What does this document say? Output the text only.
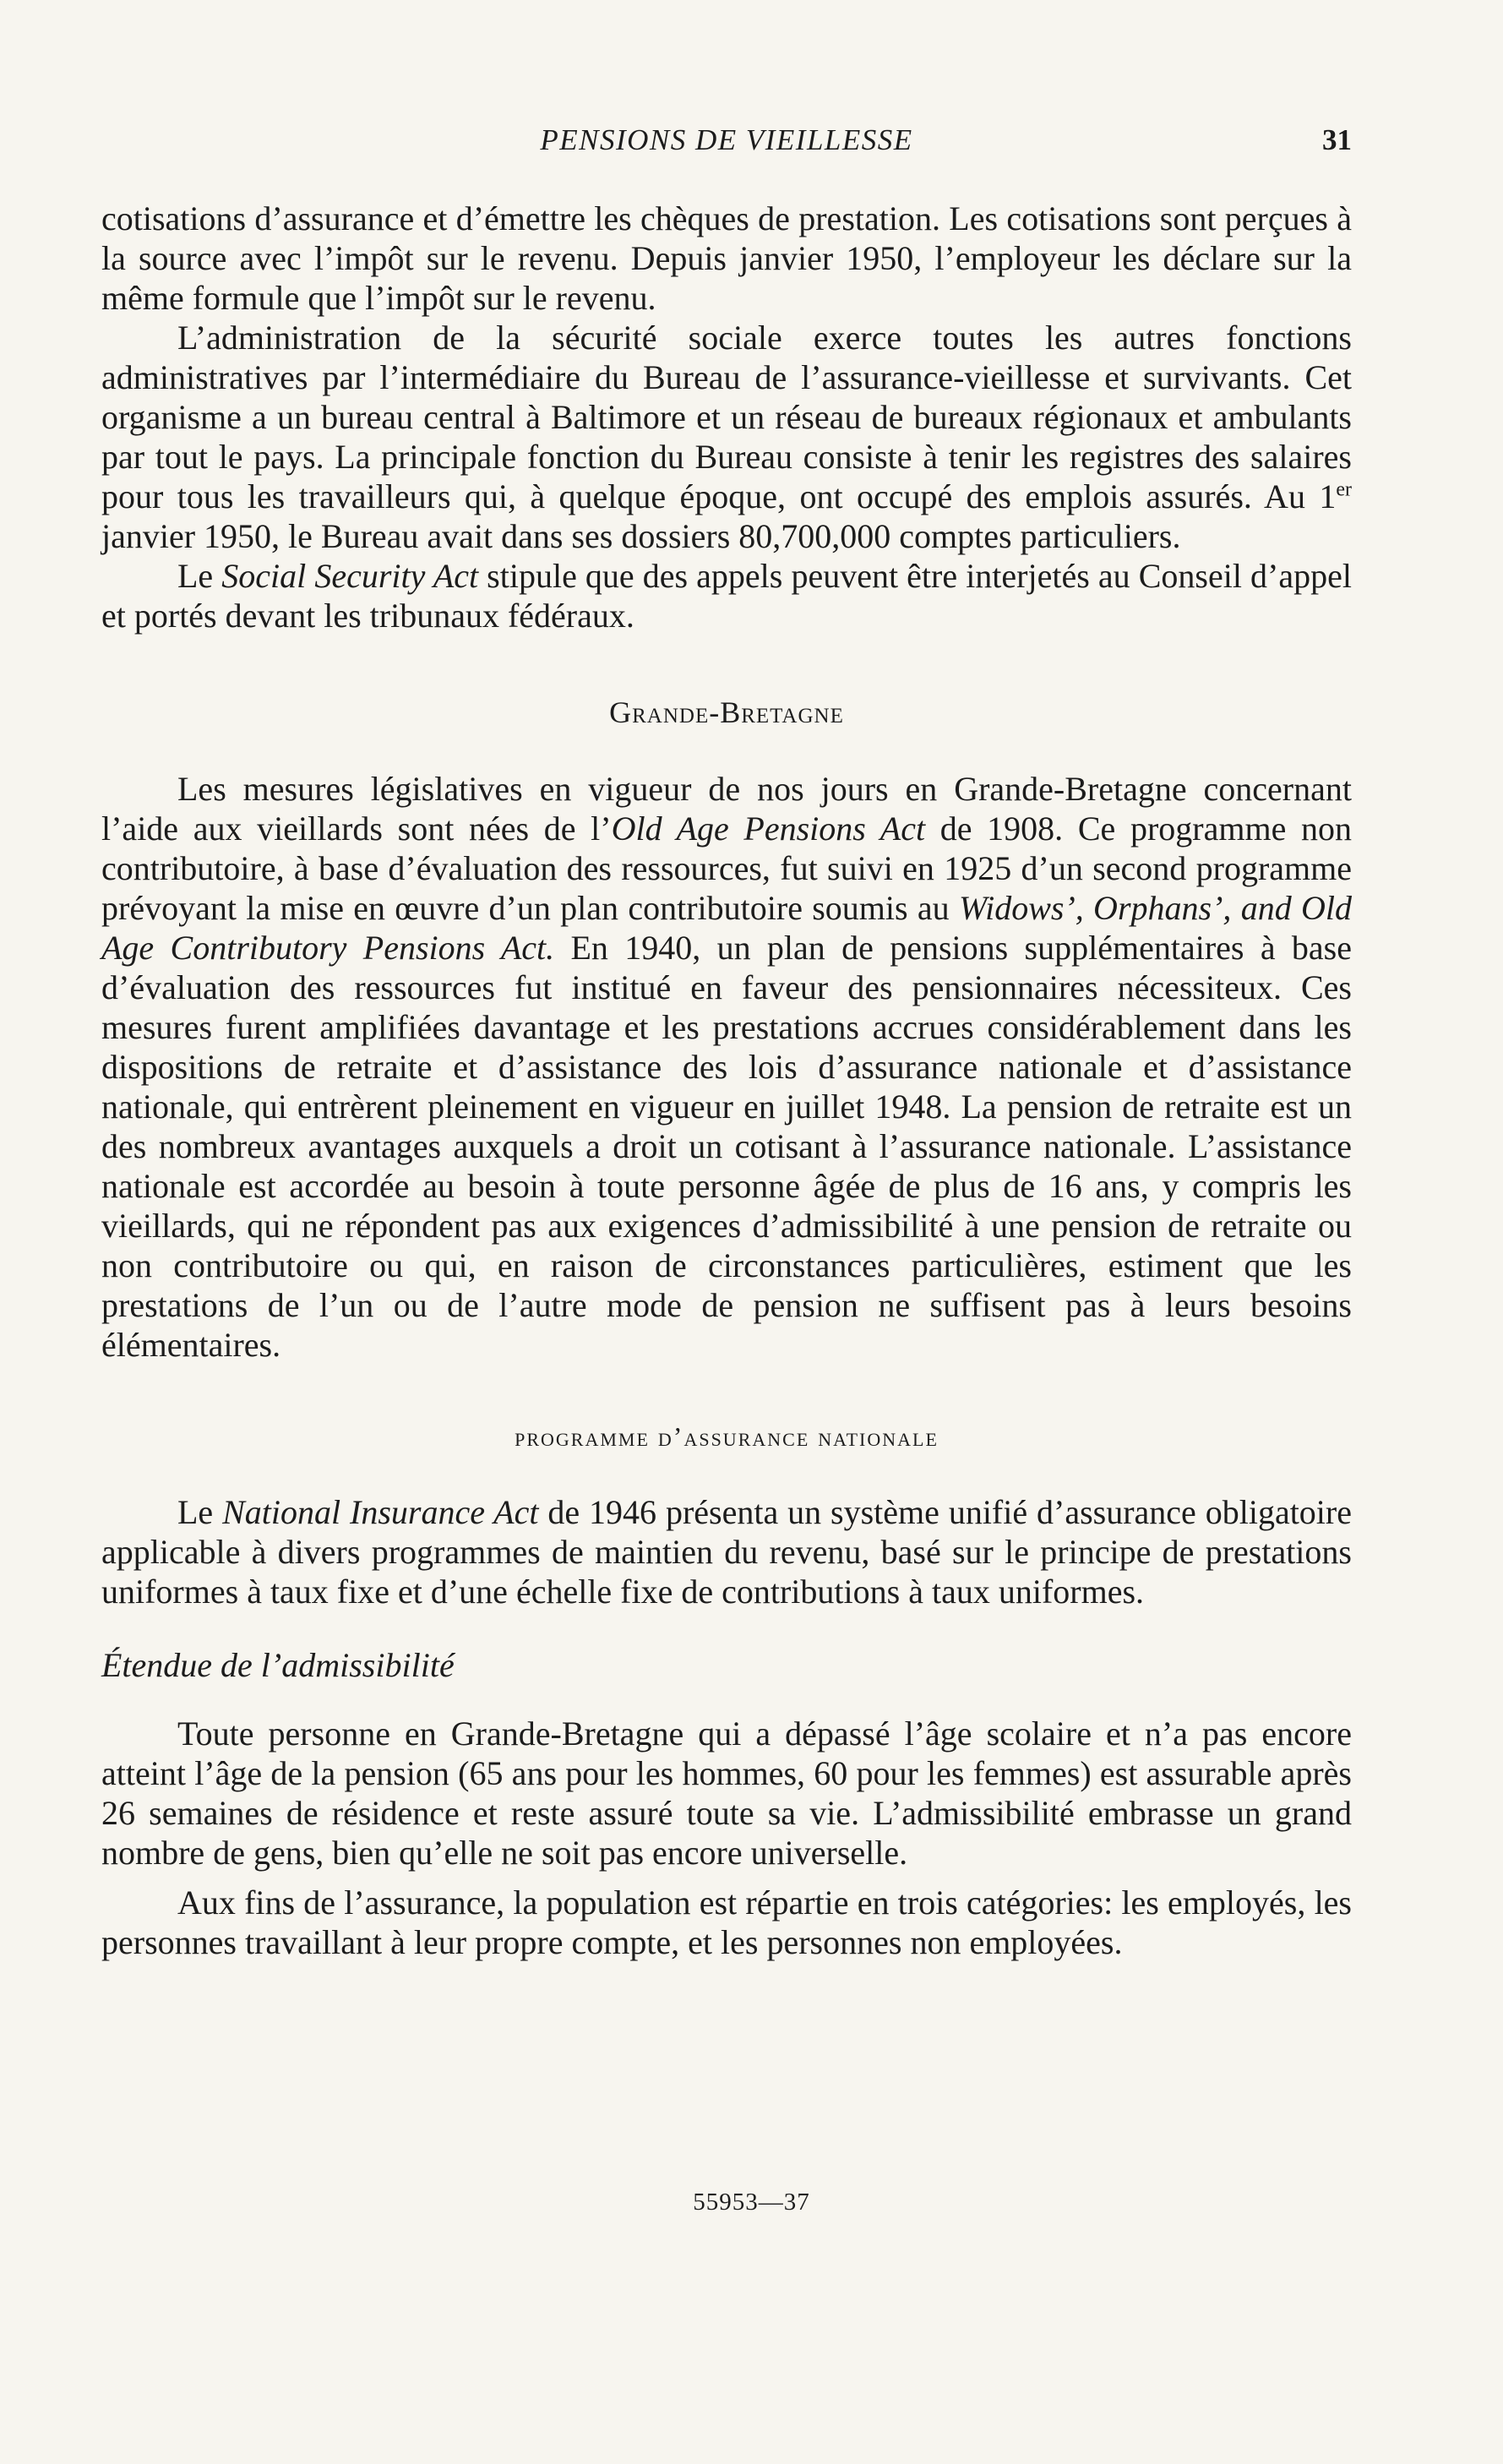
PENSIONS DE VIEILLESSE	31

cotisations d’assurance et d’émettre les chèques de prestation. Les cotisations sont perçues à la source avec l’impôt sur le revenu. Depuis janvier 1950, l’employeur les déclare sur la même formule que l’impôt sur le revenu.

L’administration de la sécurité sociale exerce toutes les autres fonctions administratives par l’intermédiaire du Bureau de l’assurance-vieillesse et survivants. Cet organisme a un bureau central à Baltimore et un réseau de bureaux régionaux et ambulants par tout le pays. La principale fonction du Bureau consiste à tenir les registres des salaires pour tous les travailleurs qui, à quelque époque, ont occupé des emplois assurés. Au 1er janvier 1950, le Bureau avait dans ses dossiers 80,700,000 comptes particuliers.

Le Social Security Act stipule que des appels peuvent être interjetés au Conseil d’appel et portés devant les tribunaux fédéraux.

Grande-Bretagne

Les mesures législatives en vigueur de nos jours en Grande-Bretagne concernant l’aide aux vieillards sont nées de l’Old Age Pensions Act de 1908. Ce programme non contributoire, à base d’évaluation des ressources, fut suivi en 1925 d’un second programme prévoyant la mise en œuvre d’un plan contributoire soumis au Widows’, Orphans’, and Old Age Contributory Pensions Act. En 1940, un plan de pensions supplémentaires à base d’évaluation des ressources fut institué en faveur des pensionnaires nécessiteux. Ces mesures furent amplifiées davantage et les prestations accrues considérablement dans les dispositions de retraite et d’assistance des lois d’assurance nationale et d’assistance nationale, qui entrèrent pleinement en vigueur en juillet 1948. La pension de retraite est un des nombreux avantages auxquels a droit un cotisant à l’assurance nationale. L’assistance nationale est accordée au besoin à toute personne âgée de plus de 16 ans, y compris les vieillards, qui ne répondent pas aux exigences d’admissibilité à une pension de retraite ou non contributoire ou qui, en raison de circonstances particulières, estiment que les prestations de l’un ou de l’autre mode de pension ne suffisent pas à leurs besoins élémentaires.

programme d’assurance nationale

Le National Insurance Act de 1946 présenta un système unifié d’assurance obligatoire applicable à divers programmes de maintien du revenu, basé sur le principe de prestations uniformes à taux fixe et d’une échelle fixe de contributions à taux uniformes.

Étendue de l’admissibilité

Toute personne en Grande-Bretagne qui a dépassé l’âge scolaire et n’a pas encore atteint l’âge de la pension (65 ans pour les hommes, 60 pour les femmes) est assurable après 26 semaines de résidence et reste assuré toute sa vie. L’admissibilité embrasse un grand nombre de gens, bien qu’elle ne soit pas encore universelle.

Aux fins de l’assurance, la population est répartie en trois catégories: les employés, les personnes travaillant à leur propre compte, et les personnes non employées.

55953—37
